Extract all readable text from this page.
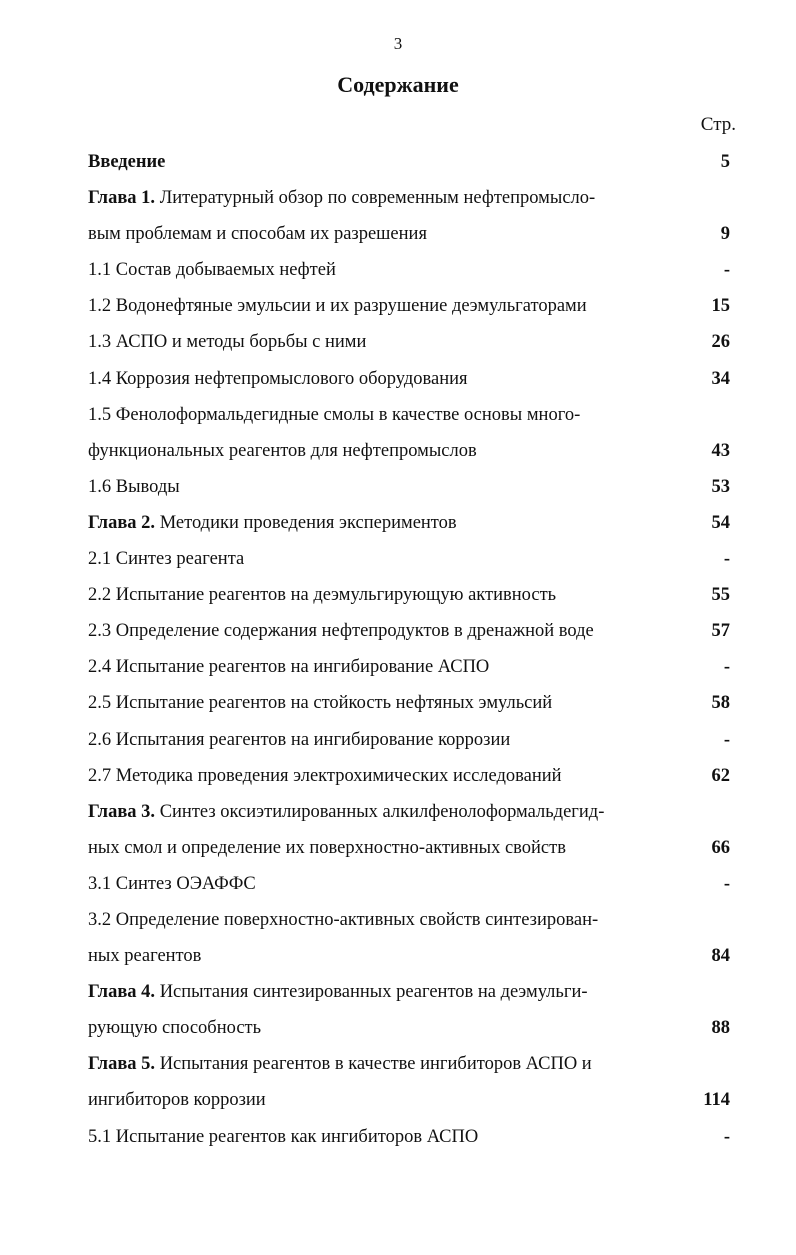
3
Содержание
Стр.
Введение	5
Глава 1. Литературный обзор по современным нефтепромысло-
вым проблемам и способам их разрешения	9
1.1 Состав добываемых нефтей	-
1.2 Водонефтяные эмульсии и их разрушение деэмульгаторами	15
1.3 АСПО и методы борьбы с ними	26
1.4 Коррозия нефтепромыслового оборудования	34
1.5 Фенолоформальдегидные смолы в качестве основы много-
функциональных реагентов для нефтепромыслов	43
1.6 Выводы	53
Глава 2. Методики проведения экспериментов	54
2.1 Синтез реагента	-
2.2 Испытание реагентов на деэмульгирующую активность	55
2.3 Определение содержания нефтепродуктов в дренажной воде	57
2.4 Испытание реагентов на ингибирование АСПО	-
2.5 Испытание реагентов на стойкость нефтяных эмульсий	58
2.6 Испытания реагентов на ингибирование коррозии	-
2.7 Методика проведения электрохимических исследований	62
Глава 3. Синтез оксиэтилированных алкилфенолоформальдегид-
ных смол и определение их поверхностно-активных свойств	66
3.1 Синтез ОЭАФФС	-
3.2 Определение поверхностно-активных свойств синтезирован-
ных реагентов	84
Глава 4. Испытания синтезированных реагентов на деэмульги-
рующую способность	88
Глава 5. Испытания реагентов в качестве ингибиторов АСПО и
ингибиторов коррозии	114
5.1 Испытание реагентов как ингибиторов АСПО	-
